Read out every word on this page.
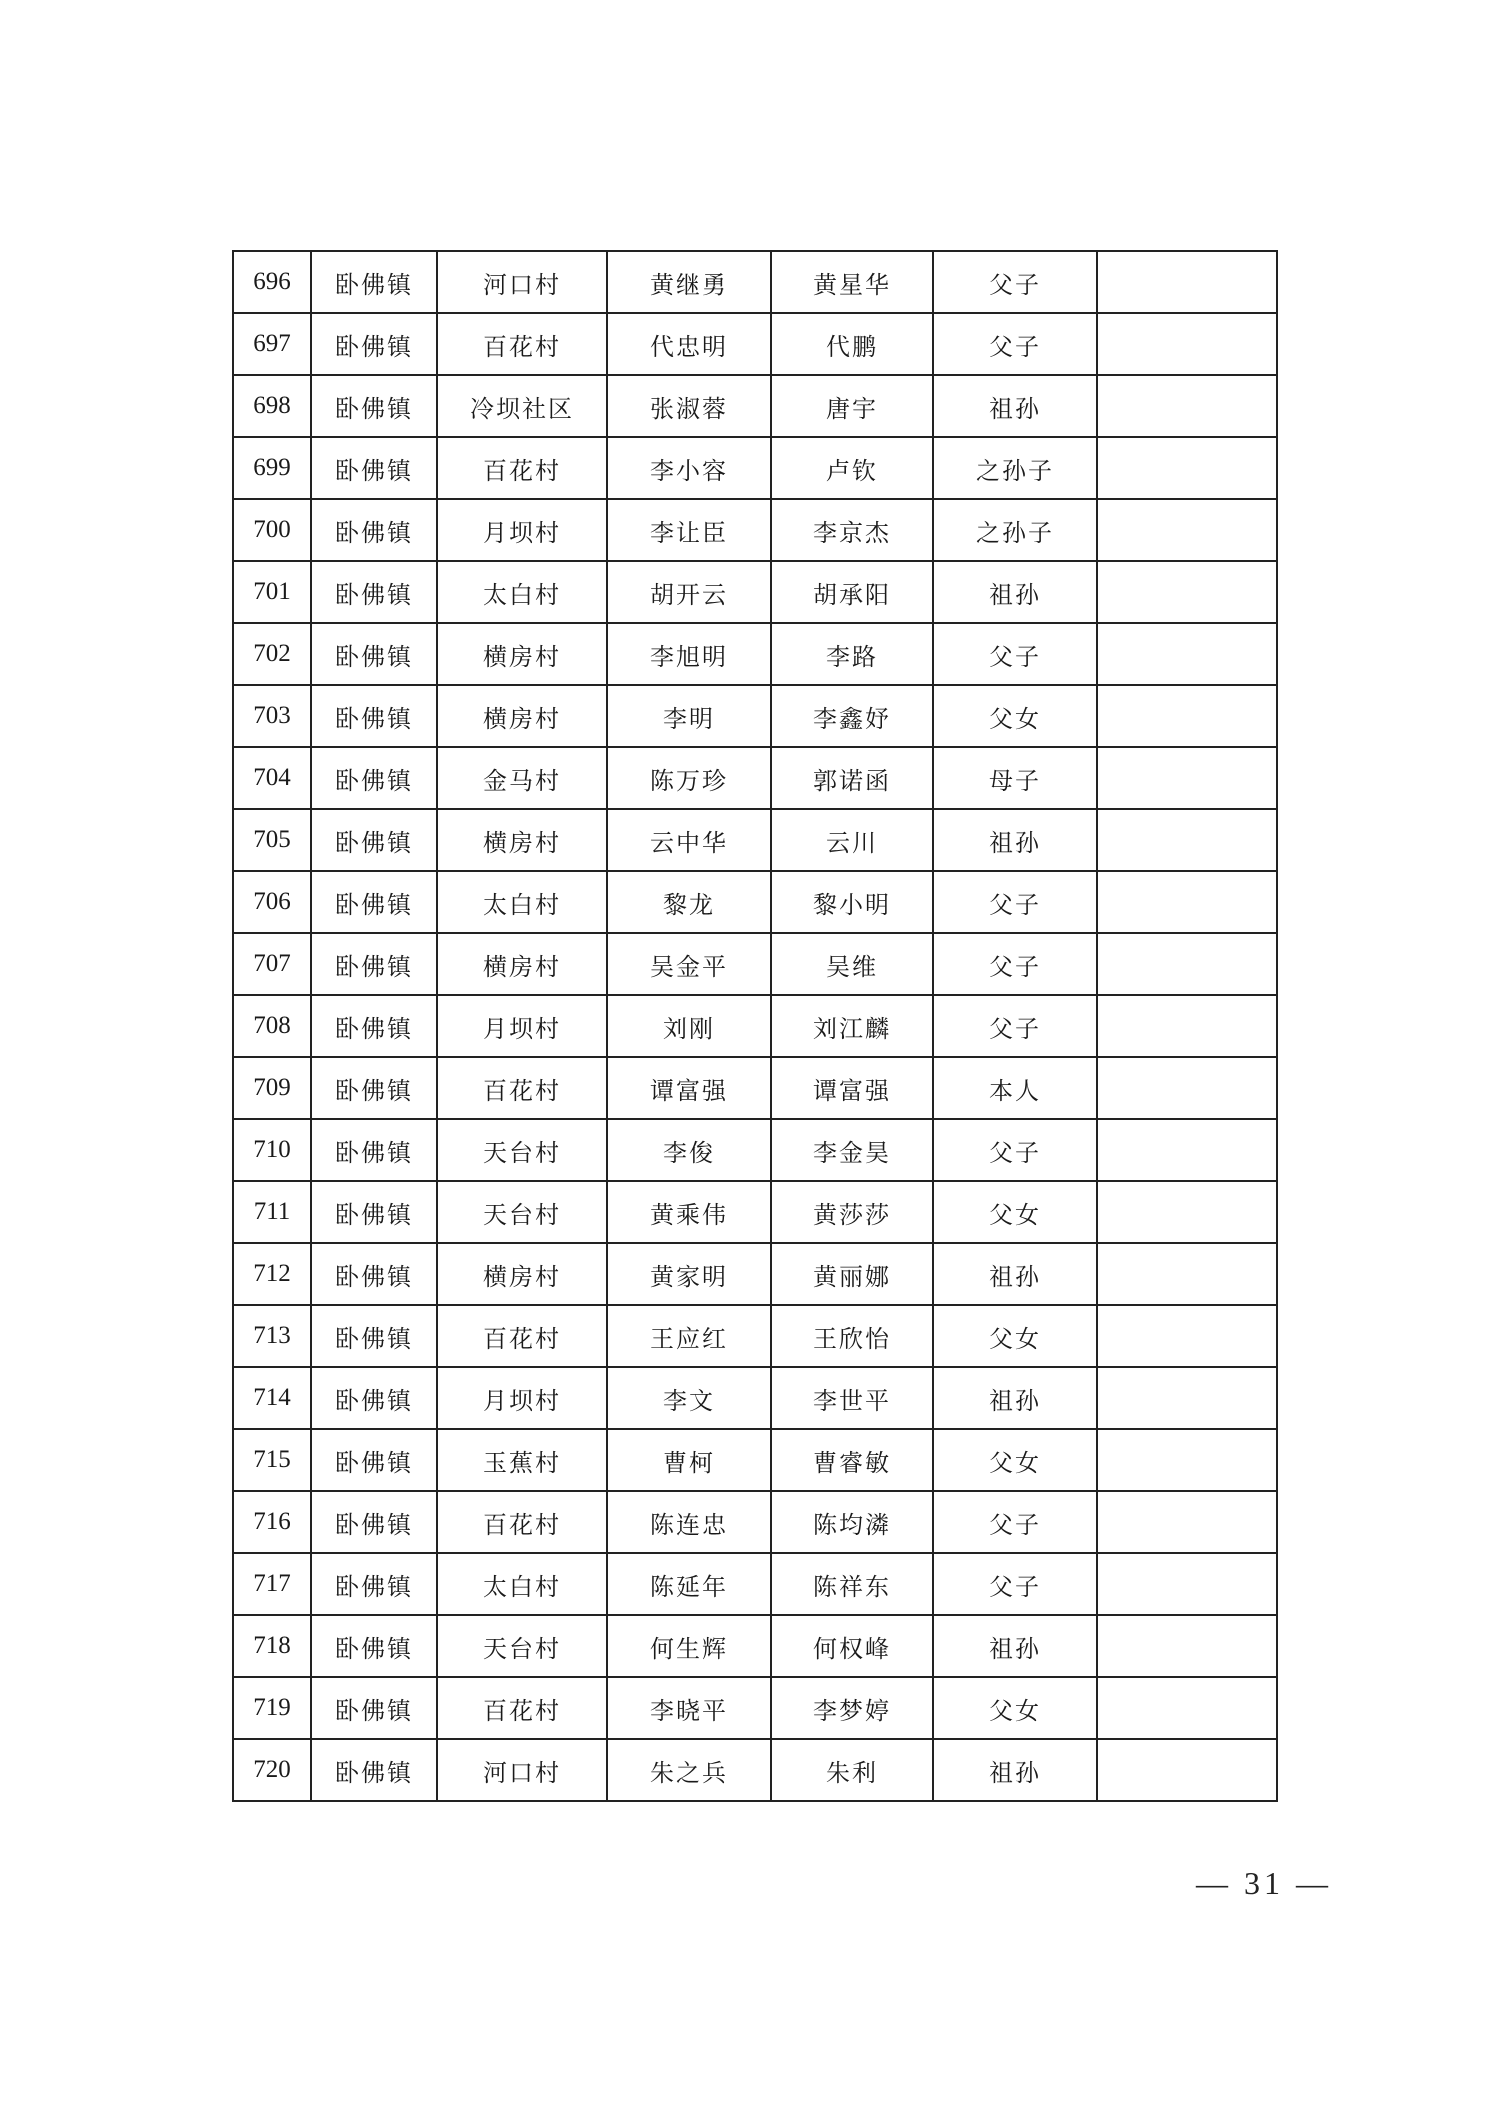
696	卧佛镇	河口村	黄继勇	黄星华	父子	
697	卧佛镇	百花村	代忠明	代鹏	父子	
698	卧佛镇	冷坝社区	张淑蓉	唐宇	祖孙	
699	卧佛镇	百花村	李小容	卢钦	之孙子	
700	卧佛镇	月坝村	李让臣	李京杰	之孙子	
701	卧佛镇	太白村	胡开云	胡承阳	祖孙	
702	卧佛镇	横房村	李旭明	李路	父子	
703	卧佛镇	横房村	李明	李鑫妤	父女	
704	卧佛镇	金马村	陈万珍	郭诺函	母子	
705	卧佛镇	横房村	云中华	云川	祖孙	
706	卧佛镇	太白村	黎龙	黎小明	父子	
707	卧佛镇	横房村	吴金平	吴维	父子	
708	卧佛镇	月坝村	刘刚	刘江麟	父子	
709	卧佛镇	百花村	谭富强	谭富强	本人	
710	卧佛镇	天台村	李俊	李金昊	父子	
711	卧佛镇	天台村	黄乘伟	黄莎莎	父女	
712	卧佛镇	横房村	黄家明	黄丽娜	祖孙	
713	卧佛镇	百花村	王应红	王欣怡	父女	
714	卧佛镇	月坝村	李文	李世平	祖孙	
715	卧佛镇	玉蕉村	曹柯	曹睿敏	父女	
716	卧佛镇	百花村	陈连忠	陈均潾	父子	
717	卧佛镇	太白村	陈延年	陈祥东	父子	
718	卧佛镇	天台村	何生辉	何权峰	祖孙	
719	卧佛镇	百花村	李晓平	李梦婷	父女	
720	卧佛镇	河口村	朱之兵	朱利	祖孙	
— 31 —
